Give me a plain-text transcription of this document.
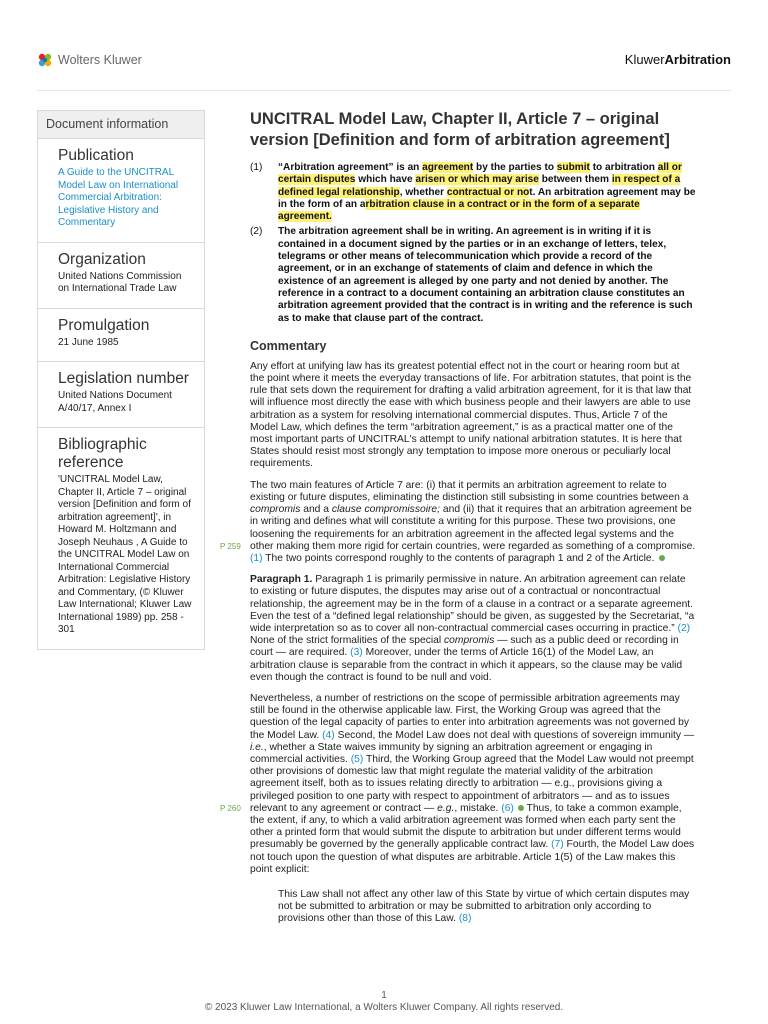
Wolters Kluwer	KluwerArbitration
Document information
Publication
A Guide to the UNCITRAL Model Law on International Commercial Arbitration: Legislative History and Commentary
Organization
United Nations Commission on International Trade Law
Promulgation
21 June 1985
Legislation number
United Nations Document A/40/17, Annex I
Bibliographic reference
'UNCITRAL Model Law, Chapter II, Article 7 – original version [Definition and form of arbitration agreement]', in Howard M. Holtzmann and Joseph Neuhaus , A Guide to the UNCITRAL Model Law on International Commercial Arbitration: Legislative History and Commentary, (© Kluwer Law International; Kluwer Law International 1989) pp. 258 - 301
UNCITRAL Model Law, Chapter II, Article 7 – original version [Definition and form of arbitration agreement]
(1)	“Arbitration agreement” is an agreement by the parties to submit to arbitration all or certain disputes which have arisen or which may arise between them in respect of a defined legal relationship, whether contractual or not. An arbitration agreement may be in the form of an arbitration clause in a contract or in the form of a separate agreement.
(2)	The arbitration agreement shall be in writing. An agreement is in writing if it is contained in a document signed by the parties or in an exchange of letters, telex, telegrams or other means of telecommunication which provide a record of the agreement, or in an exchange of statements of claim and defence in which the existence of an agreement is alleged by one party and not denied by another. The reference in a contract to a document containing an arbitration clause constitutes an arbitration agreement provided that the contract is in writing and the reference is such as to make that clause part of the contract.
Commentary

Any effort at unifying law has its greatest potential effect not in the court or hearing room but at the point where it meets the everyday transactions of life. For arbitration statutes, that point is the rule that sets down the requirement for drafting a valid arbitration agreement, for it is that law that will influence most directly the ease with which business people and their lawyers are able to use arbitration as a system for resolving international commercial disputes. Thus, Article 7 of the Model Law, which defines the term “arbitration agreement,” is as a practical matter one of the most important parts of UNCITRAL's attempt to unify national arbitration statutes. It is here that States should resist most strongly any temptation to impose more onerous or peculiarly local requirements.

P 259
The two main features of Article 7 are: (i) that it permits an arbitration agreement to relate to existing or future disputes, eliminating the distinction still subsisting in some countries between a compromis and a clause compromissoire; and (ii) that it requires that an arbitration agreement be in writing and defines what will constitute a writing for this purpose. These two provisions, one loosening the requirements for an arbitration agreement in the affected legal systems and the other making them more rigid for certain countries, were regarded as something of a compromise. (1) The two points correspond roughly to the contents of paragraph 1 and 2 of the Article.

Paragraph 1. Paragraph 1 is primarily permissive in nature. An arbitration agreement can relate to existing or future disputes, the disputes may arise out of a contractual or noncontractual relationship, the agreement may be in the form of a clause in a contract or a separate agreement. Even the test of a “defined legal relationship” should be given, as suggested by the Secretariat, “a wide interpretation so as to cover all non-contractual commercial cases occurring in practice.” (2) None of the strict formalities of the special compromis — such as a public deed or recording in court — are required. (3) Moreover, under the terms of Article 16(1) of the Model Law, an arbitration clause is separable from the contract in which it appears, so the clause may be valid even though the contract is found to be null and void.

P 260
Nevertheless, a number of restrictions on the scope of permissible arbitration agreements may still be found in the otherwise applicable law. First, the Working Group was agreed that the question of the legal capacity of parties to enter into arbitration agreements was not governed by the Model Law. (4) Second, the Model Law does not deal with questions of sovereign immunity — i.e., whether a State waives immunity by signing an arbitration agreement or engaging in commercial activities. (5) Third, the Working Group agreed that the Model Law would not preempt other provisions of domestic law that might regulate the material validity of the arbitration agreement itself, both as to issues relating directly to arbitration — e.g., provisions giving a privileged position to one party with respect to appointment of arbitrators — and as to issues relevant to any agreement or contract — e.g., mistake. (6) Thus, to take a common example, the extent, if any, to which a valid arbitration agreement was formed when each party sent the other a printed form that would submit the dispute to arbitration but under different terms would presumably be governed by the generally applicable contract law. (7) Fourth, the Model Law does not touch upon the question of what disputes are arbitrable. Article 1(5) of the Law makes this point explicit:

This Law shall not affect any other law of this State by virtue of which certain disputes may not be submitted to arbitration or may be submitted to arbitration only according to provisions other than those of this Law. (8)
1
© 2023 Kluwer Law International, a Wolters Kluwer Company. All rights reserved.
